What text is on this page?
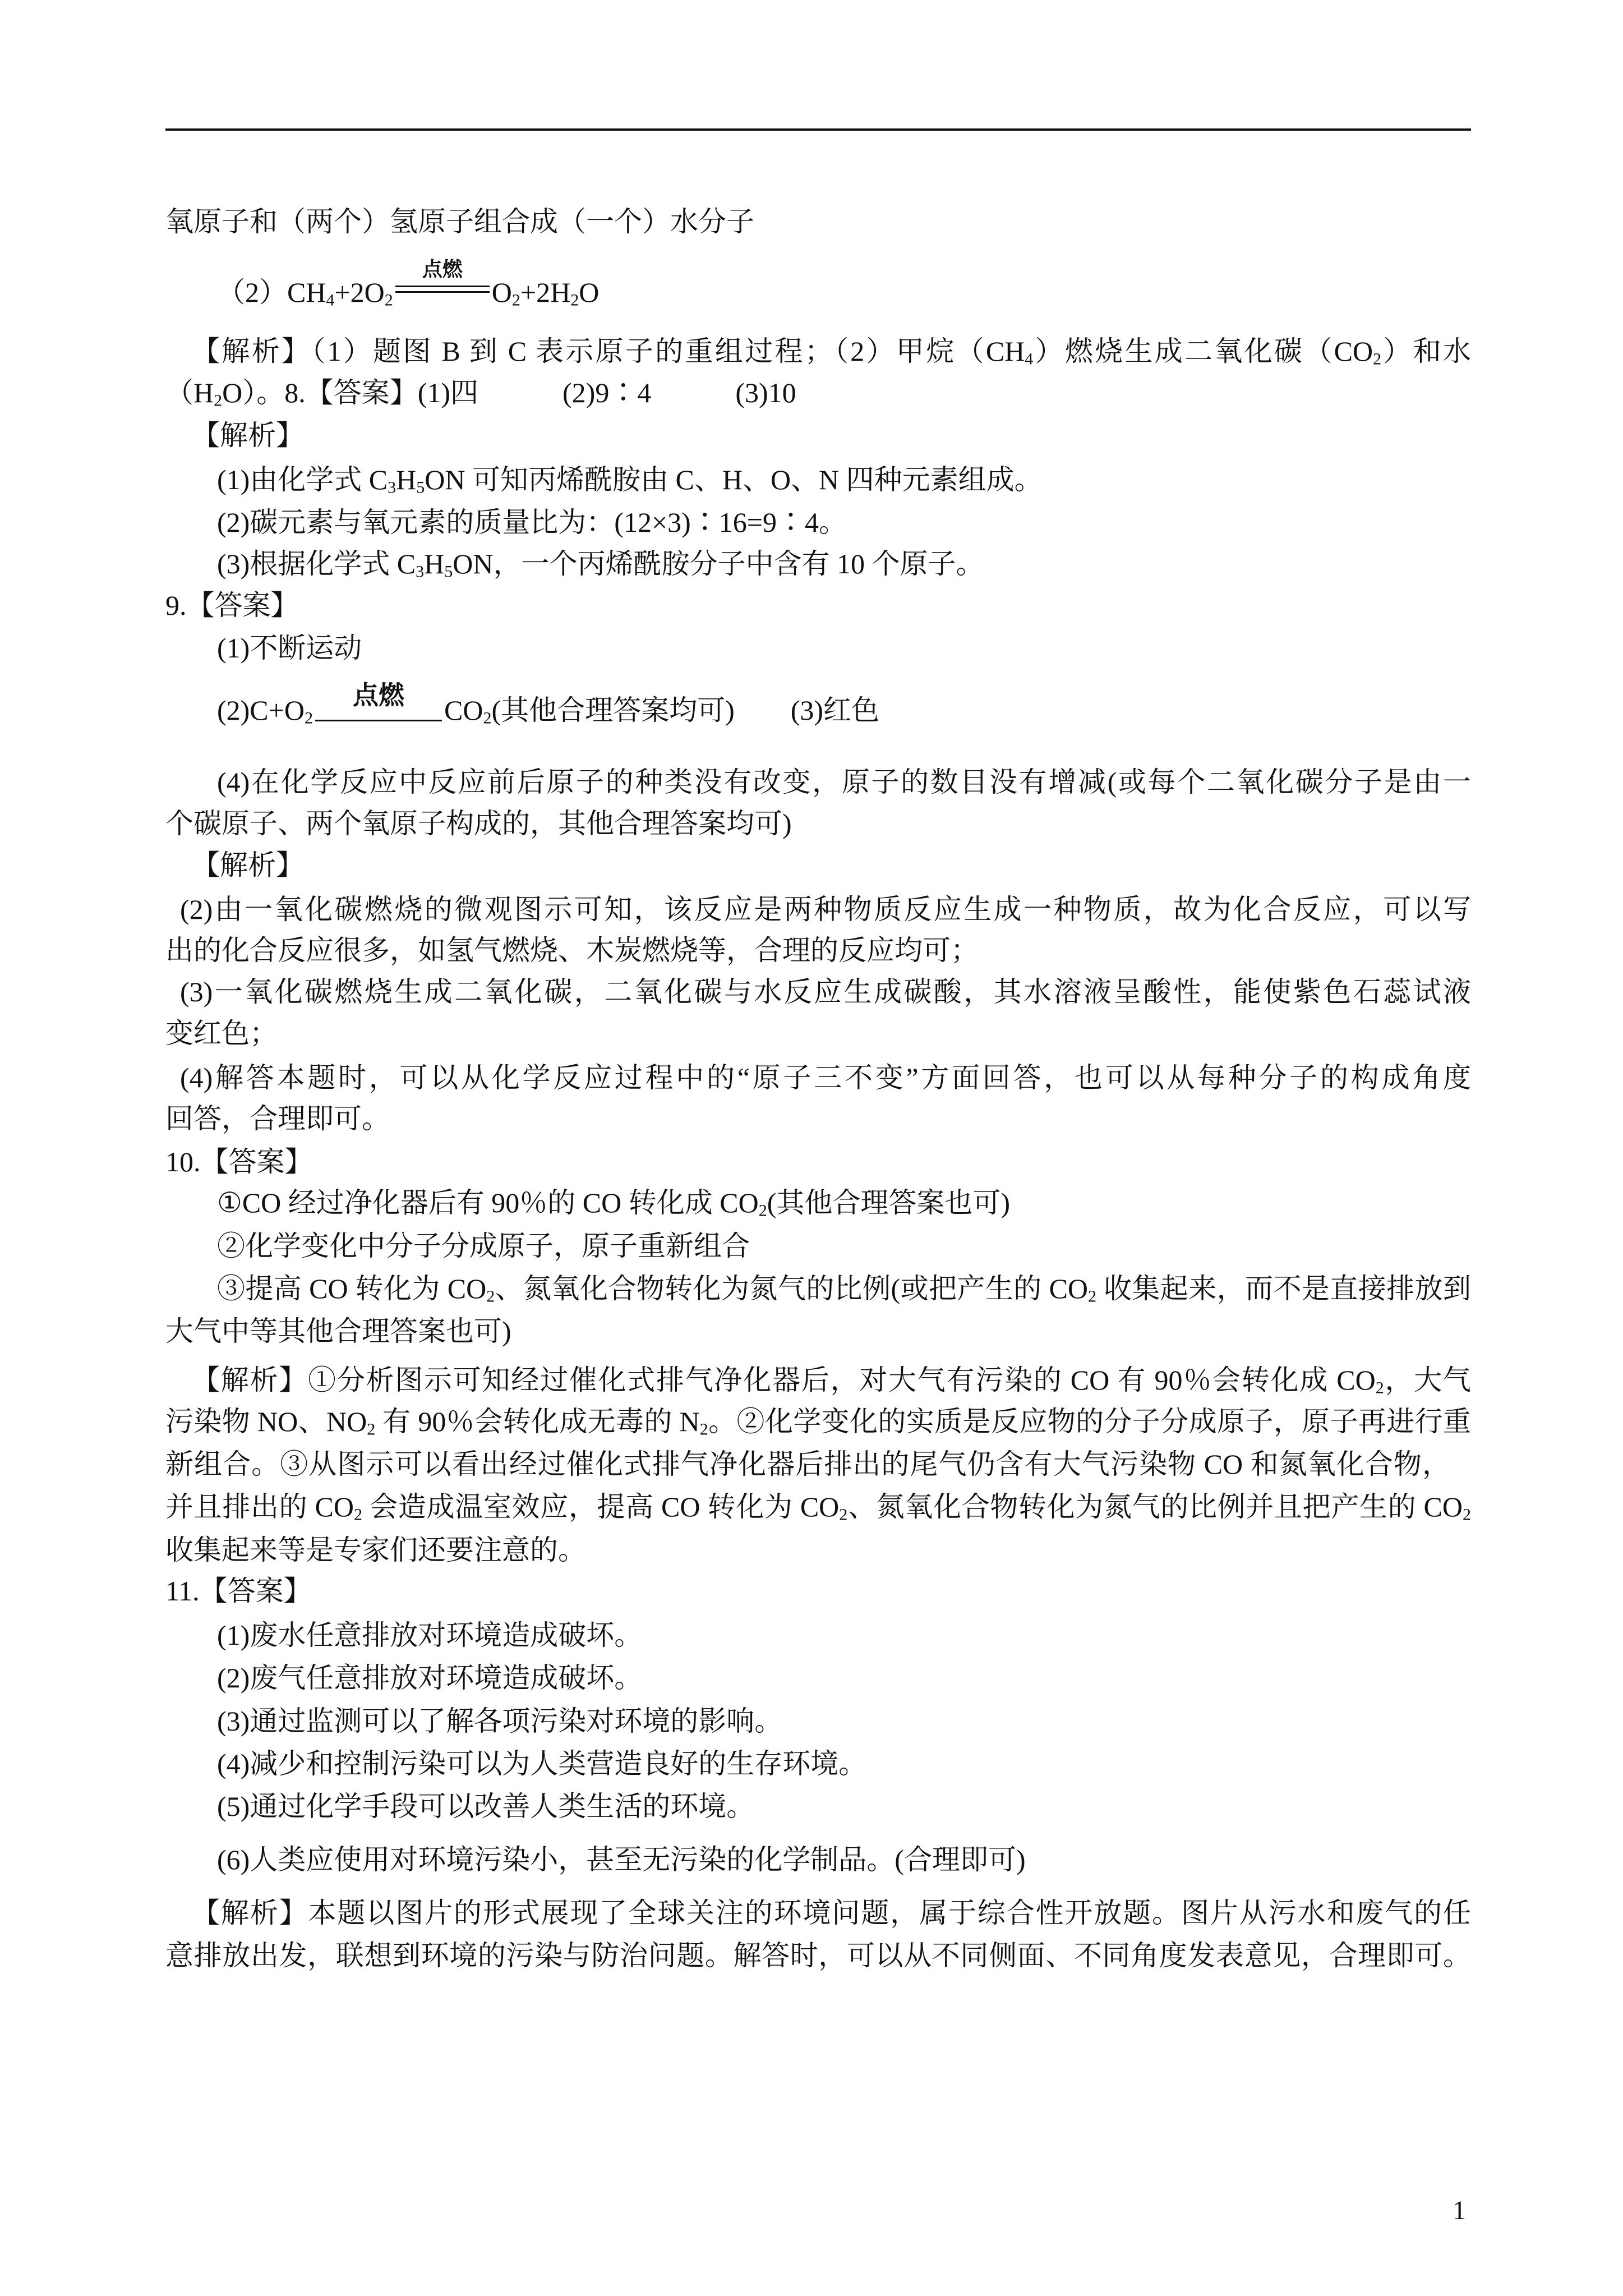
氧原子和（两个）氢原子组合成（一个）水分子
$(2)CH_4+2O_2$
点燃
$O_2+2H_2O$
【解析】（1）题图 B 到 C 表示原子的重组过程；（2）甲烷$(CH_4)$燃烧生成二氧化碳$(CO_2)$和水
$(H_2O)$。8.【答案】(1)四　　　(2)9∶4　　　(3)10
【解析】
(1)由化学式 $C_3H_5ON$ 可知丙烯酰胺由 C、H、O、N 四种元素组成。
(2)碳元素与氧元素的质量比为：(12×3)∶16=9∶4。
(3)根据化学式 $C_3H_5ON$，一个丙烯酰胺分子中含有 10 个原子。
9.【答案】
(1)不断运动
$(2)C+O_2$
点燃	$CO_2$(其他合理答案均可)　　(3)红色
(4)在化学反应中反应前后原子的种类没有改变，原子的数目没有增减(或每个二氧化碳分子是由一
个碳原子、两个氧原子构成的，其他合理答案均可)
【解析】
(2)由一氧化碳燃烧的微观图示可知，该反应是两种物质反应生成一种物质，故为化合反应，可以写
出的化合反应很多，如氢气燃烧、木炭燃烧等，合理的反应均可；
(3)一氧化碳燃烧生成二氧化碳，二氧化碳与水反应生成碳酸，其水溶液呈酸性，能使紫色石蕊试液
变红色；
(4)解答本题时，可以从化学反应过程中的“原子三不变”方面回答，也可以从每种分子的构成角度
回答，合理即可。
10.【答案】
①CO 经过净化器后有 90％的 CO 转化成 $CO_2$(其他合理答案也可)
②化学变化中分子分成原子，原子重新组合
③提高 CO 转化为 $CO_2$、氮氧化合物转化为氮气的比例(或把产生的 $CO_2$ 收集起来，而不是直接排放到
大气中等其他合理答案也可)
【解析】①分析图示可知经过催化式排气净化器后，对大气有污染的 CO 有 90％会转化成 $CO_2$，大气
污染物 NO、$NO_2$ 有 90％会转化成无毒的 $N_2$。②化学变化的实质是反应物的分子分成原子，原子再进行重
新组合。③从图示可以看出经过催化式排气净化器后排出的尾气仍含有大气污染物 CO 和氮氧化合物，
并且排出的 $CO_2$ 会造成温室效应，提高 CO 转化为 $CO_2$、氮氧化合物转化为氮气的比例并且把产生的 $CO_2$
收集起来等是专家们还要注意的。
11.【答案】
(1)废水任意排放对环境造成破坏。
(2)废气任意排放对环境造成破坏。
(3)通过监测可以了解各项污染对环境的影响。
(4)减少和控制污染可以为人类营造良好的生存环境。
(5)通过化学手段可以改善人类生活的环境。
(6)人类应使用对环境污染小，甚至无污染的化学制品。(合理即可)
【解析】本题以图片的形式展现了全球关注的环境问题，属于综合性开放题。图片从污水和废气的任
意排放出发，联想到环境的污染与防治问题。解答时，可以从不同侧面、不同角度发表意见，合理即可。
1
